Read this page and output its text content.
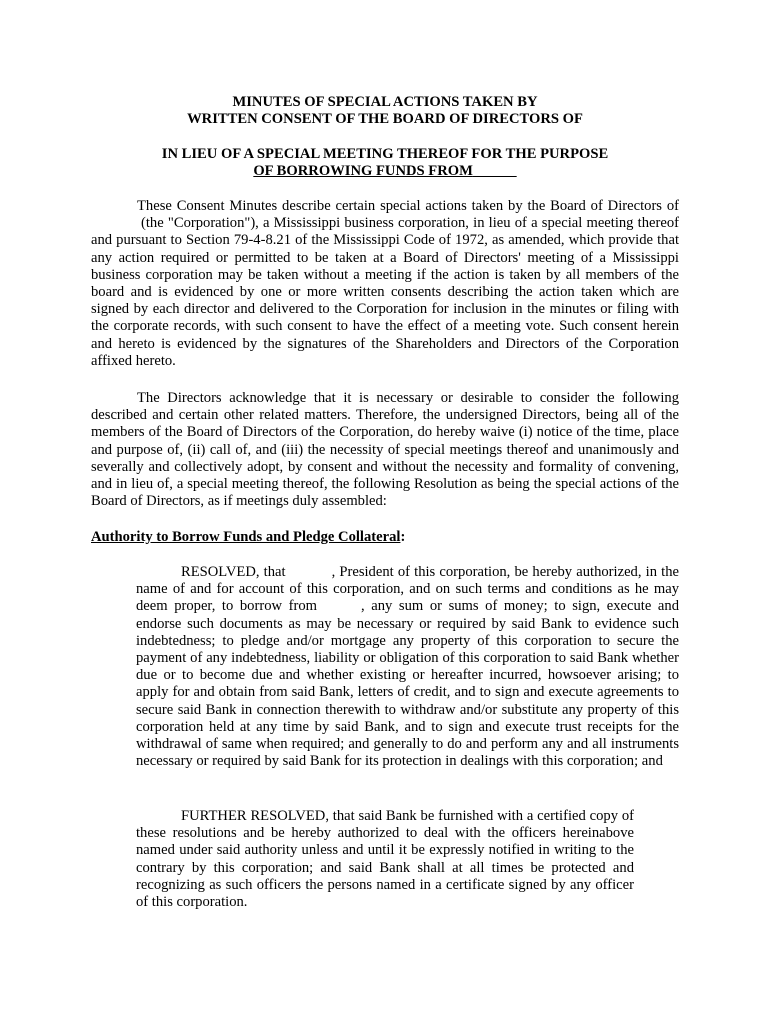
MINUTES OF SPECIAL ACTIONS TAKEN BY

WRITTEN CONSENT OF THE BOARD OF DIRECTORS OF

IN LIEU OF A SPECIAL MEETING THEREOF FOR THE PURPOSE

OF BORROWING FUNDS FROM

These Consent Minutes describe certain special actions taken by the Board of Directors of(the "Corporation"), a Mississippi business corporation, in lieu of a special meeting thereof and pursuant to Section 79-4-8.21 of the Mississippi Code of 1972, as amended, which provide that any action required or permitted to be taken at a Board of Directors' meeting of a Mississippi business corporation may be taken without a meeting if the action is taken by all members of the board and is evidenced by one or more written consents describing the action taken which are signed by each director and delivered to the Corporation for inclusion in the minutes or filing with the corporate records, with such consent to have the effect of a meeting vote. Such consent herein and hereto is evidenced by the signatures of the Shareholders and Directors of the Corporation affixed hereto.

The Directors acknowledge that it is necessary or desirable to consider the following described and certain other related matters. Therefore, the undersigned Directors, being all of the members of the Board of Directors of the Corporation, do hereby waive (i) notice of the time, place and purpose of, (ii) call of, and (iii) the necessity of special meetings thereof and unanimously and severally and collectively adopt, by consent and without the necessity and formality of convening, and in lieu of, a special meeting thereof, the following Resolution as being the special actions of the Board of Directors, as if meetings duly assembled:

Authority to Borrow Funds and Pledge Collateral:

RESOLVED, that	, President of this corporation, be hereby authorized, in the name of and for account of this corporation, and on such terms and conditions as he may deem proper, to borrow from	, any sum or sums of money; to sign, execute and endorse such documents as may be necessary or required by said Bank to evidence such indebtedness; to pledge and/or mortgage any property of this corporation to secure the payment of any indebtedness, liability or obligation of this corporation to said Bank whether due or to become due and whether existing or hereafter incurred, howsoever arising; to apply for and obtain from said Bank, letters of credit, and to sign and execute agreements to secure said Bank in connection therewith to withdraw and/or substitute any property of this corporation held at any time by said Bank, and to sign and execute trust receipts for the withdrawal of same when required; and generally to do and perform any and all instruments necessary or required by said Bank for its protection in dealings with this corporation; and

FURTHER RESOLVED, that said Bank be furnished with a certified copy of these resolutions and be hereby authorized to deal with the officers hereinabove named under said authority unless and until it be expressly notified in writing to the contrary by this corporation; and said Bank shall at all times be protected and recognizing as such officers the persons named in a certificate signed by any officer of this corporation.
